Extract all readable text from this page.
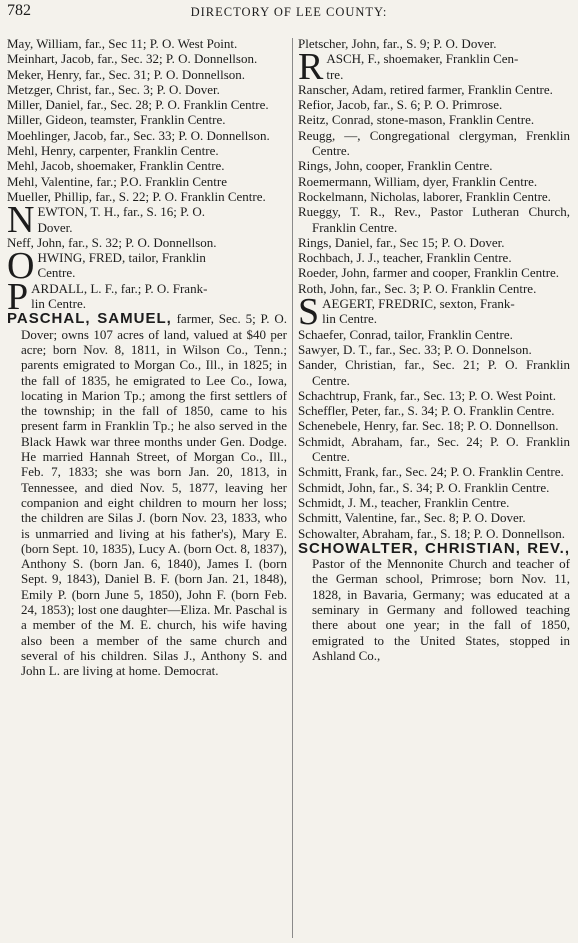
782	DIRECTORY OF LEE COUNTY:

May, William, far., Sec 11; P. O. West Point.

Meinhart, Jacob, far., Sec. 32; P. O. Donnellson.

Meker, Henry, far., Sec. 31; P. O. Donnellson.

Metzger, Christ, far., Sec. 3; P. O. Dover.

Miller, Daniel, far., Sec. 28; P. O. Franklin Centre.

Miller, Gideon, teamster, Franklin Centre.

Moehlinger, Jacob, far., Sec. 33; P. O. Donnellson.

Mehl, Henry, carpenter, Franklin Centre.

Mehl, Jacob, shoemaker, Franklin Centre.

Mehl, Valentine, far.; P.O. Franklin Centre

Mueller, Phillip, far., S. 22; P. O. Franklin Centre.

NEWTON, T. H., far., S. 16; P. O.
Dover.

Neff, John, far., S. 32; P. O. Donnellson.

OHWING, FRED, tailor, Franklin
Centre.

PARDALL, L. F., far.; P. O. Frank-
lin Centre.

PASCHAL, SAMUEL, farmer, Sec. 5; P. O. Dover; owns 107 acres of land, valued at $40 per acre; born Nov. 8, 1811, in Wilson Co., Tenn.; parents emigrated to Morgan Co., Ill., in 1825; in the fall of 1835, he emigrated to Lee Co., Iowa, locating in Marion Tp.; among the first settlers of the township; in the fall of 1850, came to his present farm in Franklin Tp.; he also served in the Black Hawk war three months under Gen. Dodge. He married Hannah Street, of Morgan Co., Ill., Feb. 7, 1833; she was born Jan. 20, 1813, in Tennessee, and died Nov. 5, 1877, leaving her companion and eight children to mourn her loss; the children are Silas J. (born Nov. 23, 1833, who is unmarried and living at his father's), Mary E. (born Sept. 10, 1835), Lucy A. (born Oct. 8, 1837), Anthony S. (born Jan. 6, 1840), James I. (born Sept. 9, 1843), Daniel B. F. (born Jan. 21, 1848), Emily P. (born June 5, 1850), John F. (born Feb. 24, 1853); lost one daughter—Eliza. Mr. Paschal is a member of the M. E. church, his wife having also been a member of the same church and several of his children. Silas J., Anthony S. and John L. are living at home. Democrat.

Pletscher, John, far., S. 9; P. O. Dover.

RASCH, F., shoemaker, Franklin Cen-
tre.

Ranscher, Adam, retired farmer, Franklin Centre.

Refior, Jacob, far., S. 6; P. O. Primrose.

Reitz, Conrad, stone-mason, Franklin Centre.

Reugg, —, Congregational clergyman, Frenklin Centre.

Rings, John, cooper, Franklin Centre.

Roemermann, William, dyer, Franklin Centre.

Rockelmann, Nicholas, laborer, Franklin Centre.

Rueggy, T. R., Rev., Pastor Lutheran Church, Franklin Centre.

Rings, Daniel, far., Sec 15; P. O. Dover.

Rochbach, J. J., teacher, Franklin Centre.

Roeder, John, farmer and cooper, Franklin Centre.

Roth, John, far., Sec. 3; P. O. Franklin Centre.

SAEGERT, FREDRIC, sexton, Frank-
lin Centre.

Schaefer, Conrad, tailor, Franklin Centre.

Sawyer, D. T., far., Sec. 33; P. O. Donnelson.

Sander, Christian, far., Sec. 21; P. O. Franklin Centre.

Schachtrup, Frank, far., Sec. 13; P. O. West Point.

Scheffler, Peter, far., S. 34; P. O. Franklin Centre.

Schenebele, Henry, far. Sec. 18; P. O. Donnellson.

Schmidt, Abraham, far., Sec. 24; P. O. Franklin Centre.

Schmitt, Frank, far., Sec. 24; P. O. Franklin Centre.

Schmidt, John, far., S. 34; P. O. Franklin Centre.

Schmidt, J. M., teacher, Franklin Centre.

Schmitt, Valentine, far., Sec. 8; P. O. Dover.

Schowalter, Abraham, far., S. 18; P. O. Donnellson.

SCHOWALTER, CHRISTIAN, REV., Pastor of the Mennonite Church and teacher of the German school, Primrose; born Nov. 11, 1828, in Bavaria, Germany; was educated at a seminary in Germany and followed teaching there about one year; in the fall of 1850, emigrated to the United States, stopped in Ashland Co.,
